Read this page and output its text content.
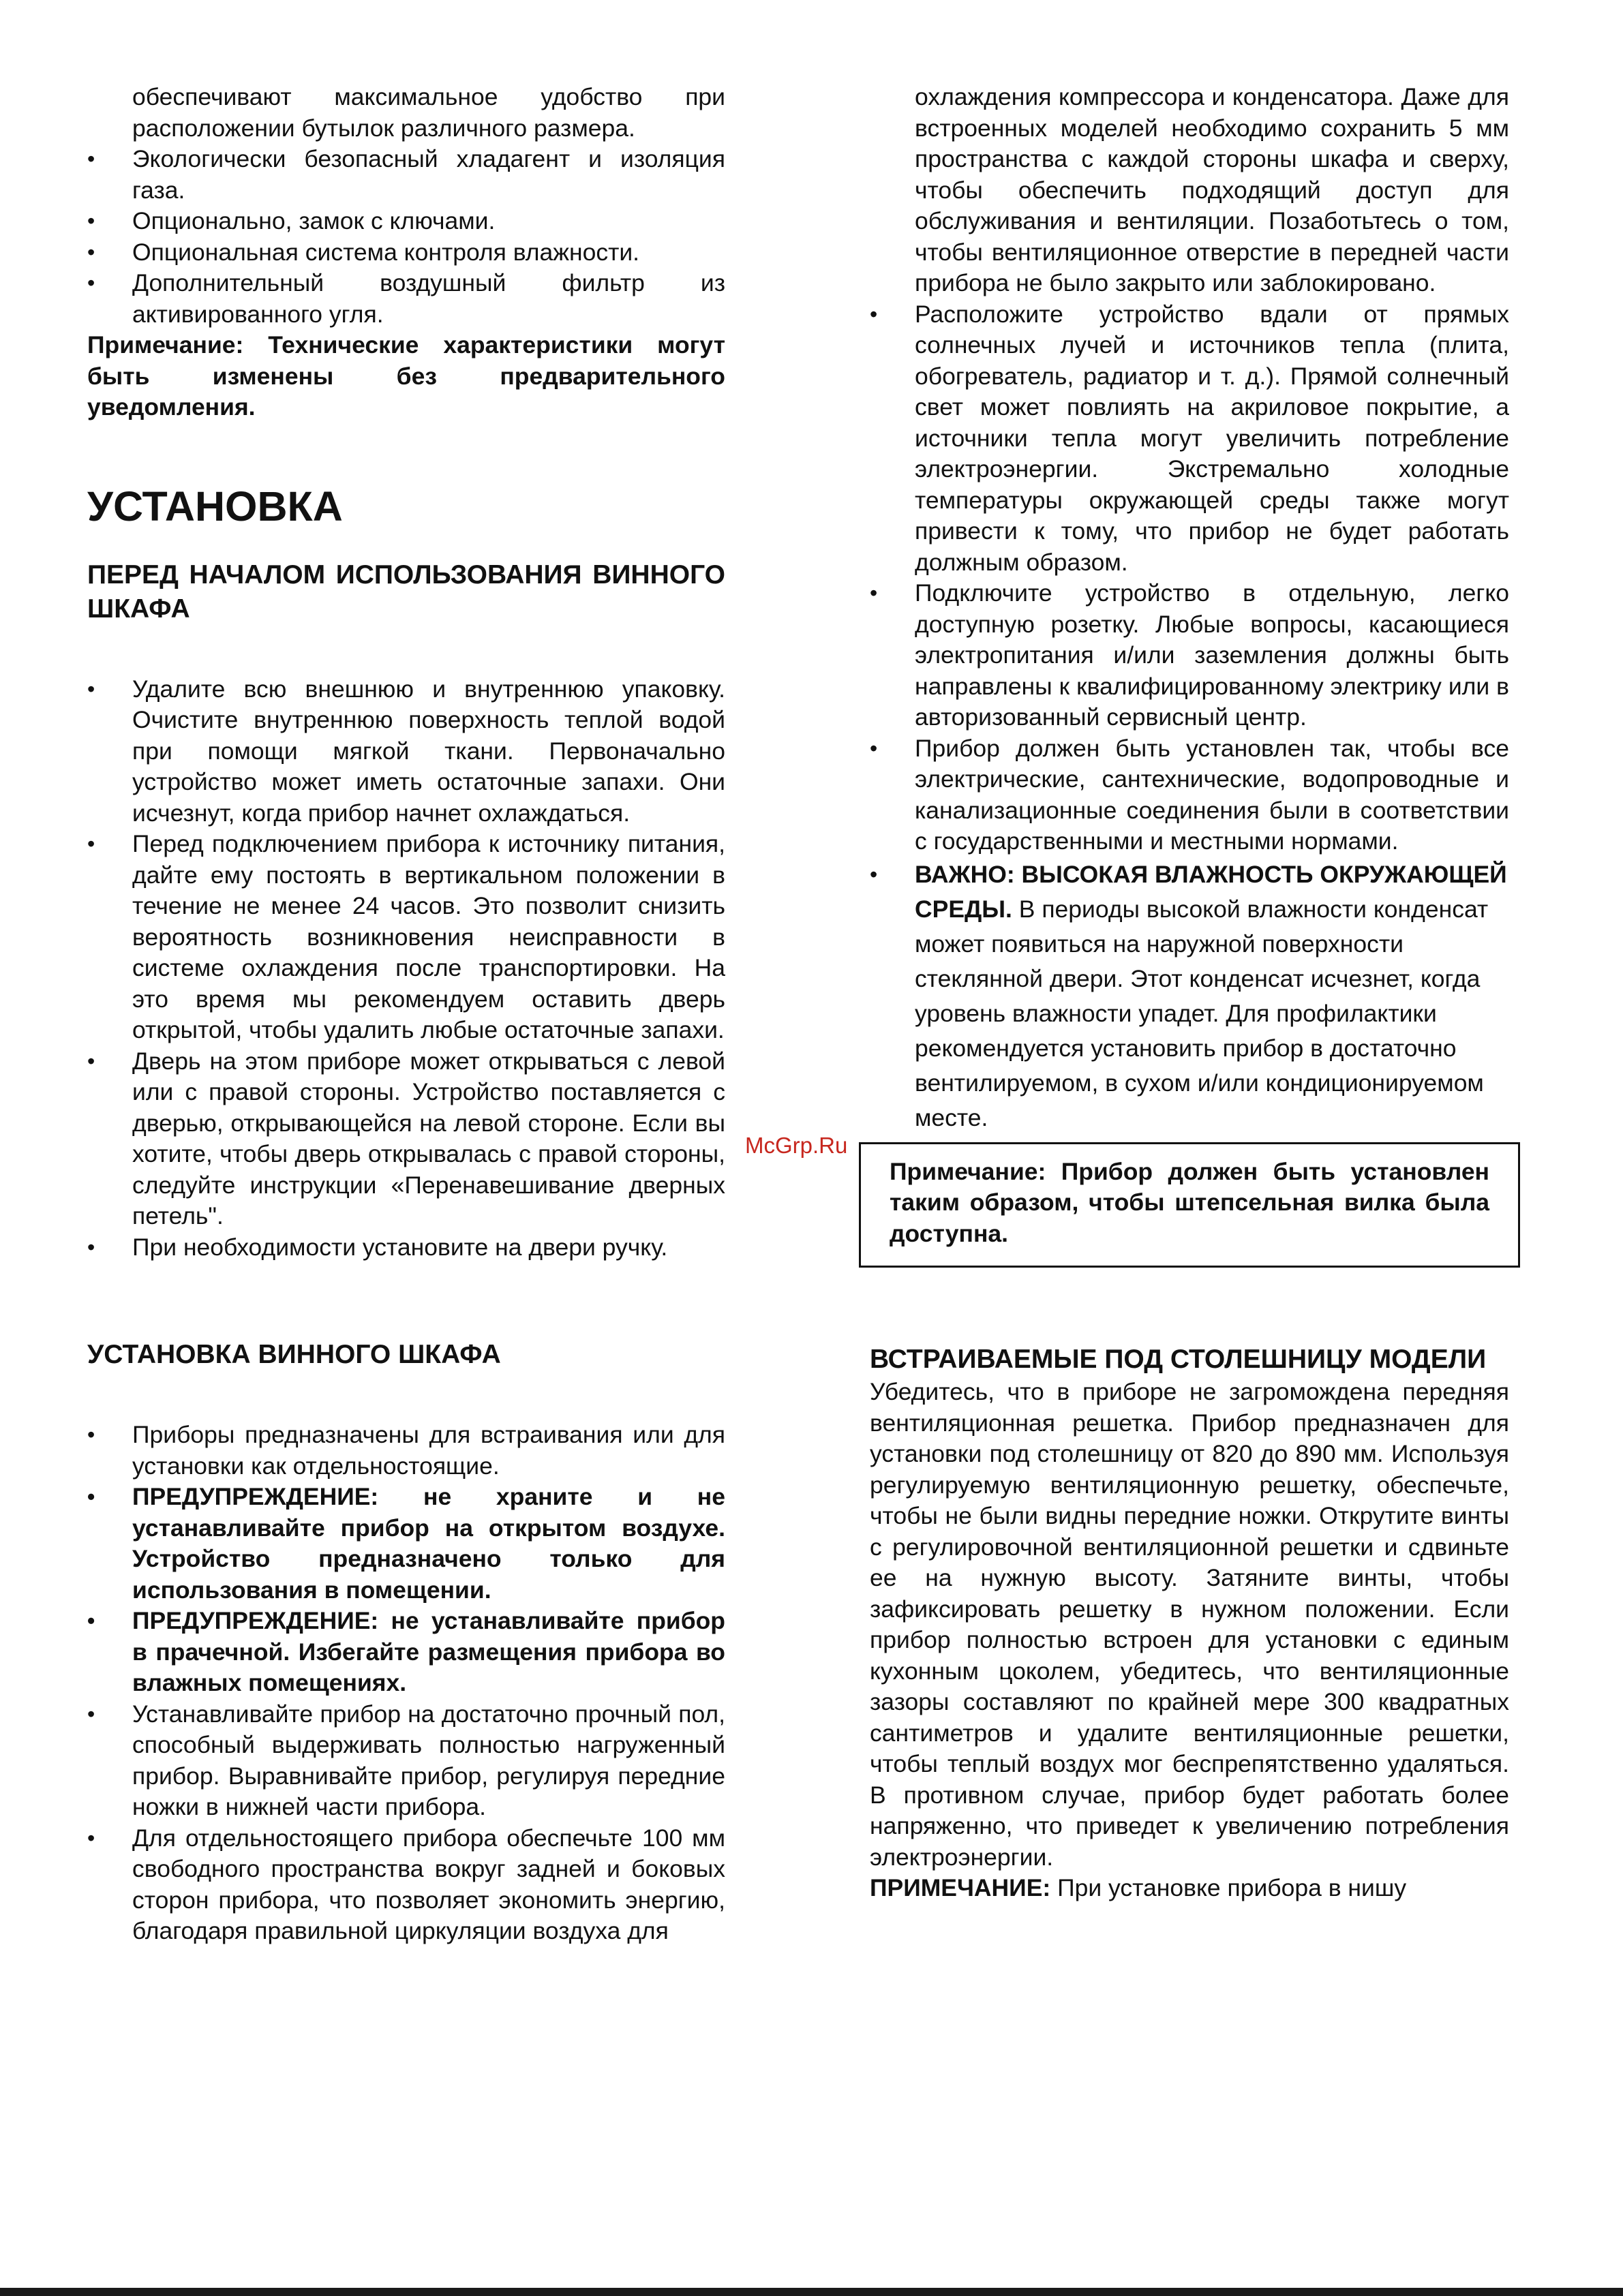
обеспечивают максимальное удобство при расположении бутылок различного размера.

• Экологически безопасный хладагент и изоляция газа.
• Опционально, замок с ключами.
• Опциональная система контроля влажности.
• Дополнительный воздушный фильтр из активированного угля.

Примечание: Технические характеристики могут быть изменены без предварительного уведомления.

УСТАНОВКА
ПЕРЕД НАЧАЛОМ ИСПОЛЬЗОВАНИЯ ВИННОГО ШКАФА
• Удалите всю внешнюю и внутреннюю упаковку. Очистите внутреннюю поверхность теплой водой при помощи мягкой ткани. Первоначально устройство может иметь остаточные запахи. Они исчезнут, когда прибор начнет охлаждаться.
• Перед подключением прибора к источнику питания, дайте ему постоять в вертикальном положении в течение не менее 24 часов. Это позволит снизить вероятность возникновения неисправности в системе охлаждения после транспортировки. На это время мы рекомендуем оставить дверь открытой, чтобы удалить любые остаточные запахи.
• Дверь на этом приборе может открываться с левой или с правой стороны. Устройство поставляется с дверью, открывающейся на левой стороне. Если вы хотите, чтобы дверь открывалась с правой стороны, следуйте инструкции «Перенавешивание дверных петель".
• При необходимости установите на двери ручку.
УСТАНОВКА ВИННОГО ШКАФА
• Приборы предназначены для встраивания или для установки как отдельностоящие.
• ПРЕДУПРЕЖДЕНИЕ: не храните и не устанавливайте прибор на открытом воздухе. Устройство предназначено только для использования в помещении.
• ПРЕДУПРЕЖДЕНИЕ: не устанавливайте прибор в прачечной. Избегайте размещения прибора во влажных помещениях.
• Устанавливайте прибор на достаточно прочный пол, способный выдерживать полностью нагруженный прибор. Выравнивайте прибор, регулируя передние ножки в нижней части прибора.
• Для отдельностоящего прибора обеспечьте 100 мм свободного пространства вокруг задней и боковых сторон прибора, что позволяет экономить энергию, благодаря правильной циркуляции воздуха для

охлаждения компрессора и конденсатора. Даже для встроенных моделей необходимо сохранить 5 мм пространства с каждой стороны шкафа и сверху, чтобы обеспечить подходящий доступ для обслуживания и вентиляции. Позаботьтесь о том, чтобы вентиляционное отверстие в передней части прибора не было закрыто или заблокировано.

• Расположите устройство вдали от прямых солнечных лучей и источников тепла (плита, обогреватель, радиатор и т. д.). Прямой солнечный свет может повлиять на акриловое покрытие, а источники тепла могут увеличить потребление электроэнергии. Экстремально холодные температуры окружающей среды также могут привести к тому, что прибор не будет работать должным образом.
• Подключите устройство в отдельную, легко доступную розетку. Любые вопросы, касающиеся электропитания и/или заземления должны быть направлены к квалифицированному электрику или в авторизованный сервисный центр.
• Прибор должен быть установлен так, чтобы все электрические, сантехнические, водопроводные и канализационные соединения были в соответствии с государственными и местными нормами.
• ВАЖНО: ВЫСОКАЯ ВЛАЖНОСТЬ ОКРУЖАЮЩЕЙ СРЕДЫ. В периоды высокой влажности конденсат может появиться на наружной поверхности стеклянной двери. Этот конденсат исчезнет, когда уровень влажности упадет. Для профилактики рекомендуется установить прибор в достаточно вентилируемом, в сухом и/или кондиционируемом месте.
Примечание: Прибор должен быть установлен таким образом, чтобы штепсельная вилка была доступна.
ВСТРАИВАЕМЫЕ ПОД СТОЛЕШНИЦУ МОДЕЛИ

Убедитесь, что в приборе не загромождена передняя вентиляционная решетка. Прибор предназначен для установки под столешницу от 820 до 890 мм. Используя регулируемую вентиляционную решетку, обеспечьте, чтобы не были видны передние ножки. Открутите винты с регулировочной вентиляционной решетки и сдвиньте ее на нужную высоту. Затяните винты, чтобы зафиксировать решетку в нужном положении. Если прибор полностью встроен для установки с единым кухонным цоколем, убедитесь, что вентиляционные зазоры составляют по крайней мере 300 квадратных сантиметров и удалите вентиляционные решетки, чтобы теплый воздух мог беспрепятственно удаляться. В противном случае, прибор будет работать более напряженно, что приведет к увеличению потребления электроэнергии.

ПРИМЕЧАНИЕ: При установке прибора в нишу

McGrp.Ru
